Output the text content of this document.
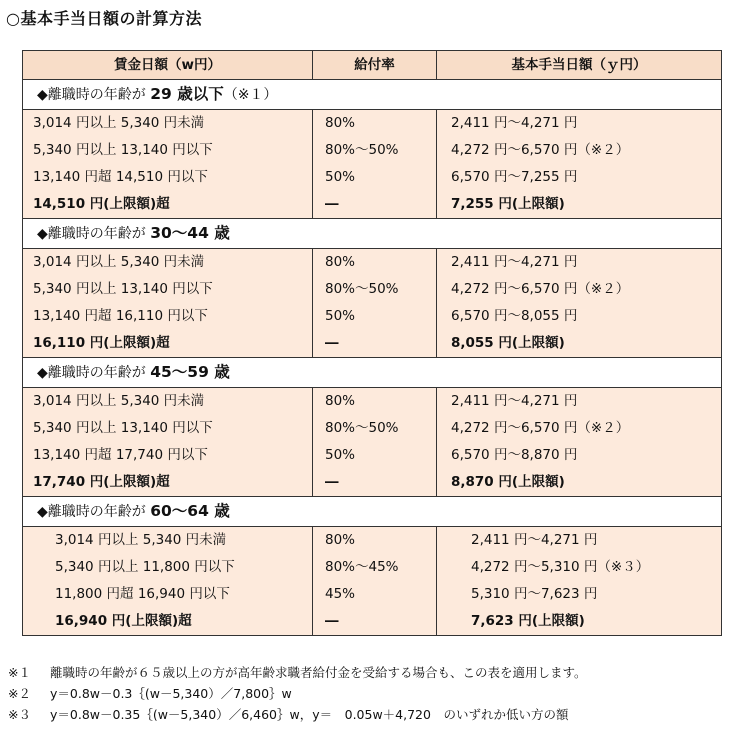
○基本手当日額の計算方法
賃金日額（w円）	給付率	基本手当日額（ｙ円）
◆離職時の年齢が 29 歳以下（※１）		
3,014 円以上 5,340 円未満	80%	2,411 円～4,271 円
5,340 円以上 13,140 円以下	80%～50%	4,272 円～6,570 円（※２）
13,140 円超 14,510 円以下	50%	6,570 円～7,255 円
14,510 円(上限額)超	―	7,255 円(上限額)
◆離職時の年齢が 30～44 歳		
3,014 円以上 5,340 円未満	80%	2,411 円～4,271 円
5,340 円以上 13,140 円以下	80%～50%	4,272 円～6,570 円（※２）
13,140 円超 16,110 円以下	50%	6,570 円～8,055 円
16,110 円(上限額)超	―	8,055 円(上限額)
◆離職時の年齢が 45～59 歳		
3,014 円以上 5,340 円未満	80%	2,411 円～4,271 円
5,340 円以上 13,140 円以下	80%～50%	4,272 円～6,570 円（※２）
13,140 円超 17,740 円以下	50%	6,570 円～8,870 円
17,740 円(上限額)超	―	8,870 円(上限額)
◆離職時の年齢が 60～64 歳		
3,014 円以上 5,340 円未満	80%	2,411 円～4,271 円
5,340 円以上 11,800 円以下	80%～45%	4,272 円～5,310 円（※３）
11,800 円超 16,940 円以下	45%	5,310 円～7,623 円
16,940 円(上限額)超	―	7,623 円(上限額)
※１ 離職時の年齢が６５歳以上の方が高年齢求職者給付金を受給する場合も、この表を適用します。
※２ y＝0.8w－0.3｛(w－5,340）／7,800｝w
※３ y＝0.8w－0.35｛(w－5,340）／6,460｝w，y＝　0.05w＋4,720　のいずれか低い方の額
